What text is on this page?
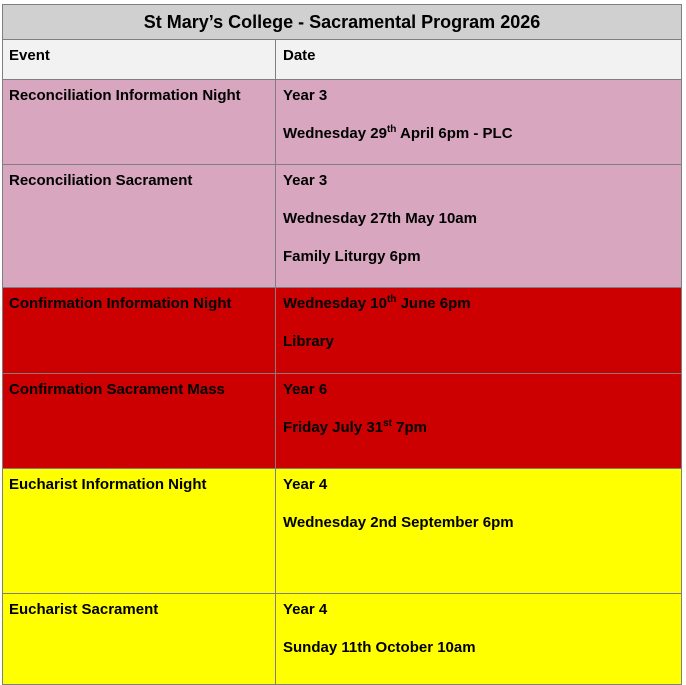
St Mary’s College - Sacramental Program 2026
Event	Date
Reconciliation Information Night	Year 3
Wednesday 29th April 6pm - PLC
Reconciliation Sacrament	Year 3
Wednesday 27th May 10am
Family Liturgy 6pm
Confirmation Information Night	Wednesday 10th June 6pm
Library
Confirmation Sacrament Mass	Year 6
Friday July 31st 7pm
Eucharist Information Night	Year 4
Wednesday 2nd September 6pm
Eucharist Sacrament	Year 4
Sunday 11th October 10am
